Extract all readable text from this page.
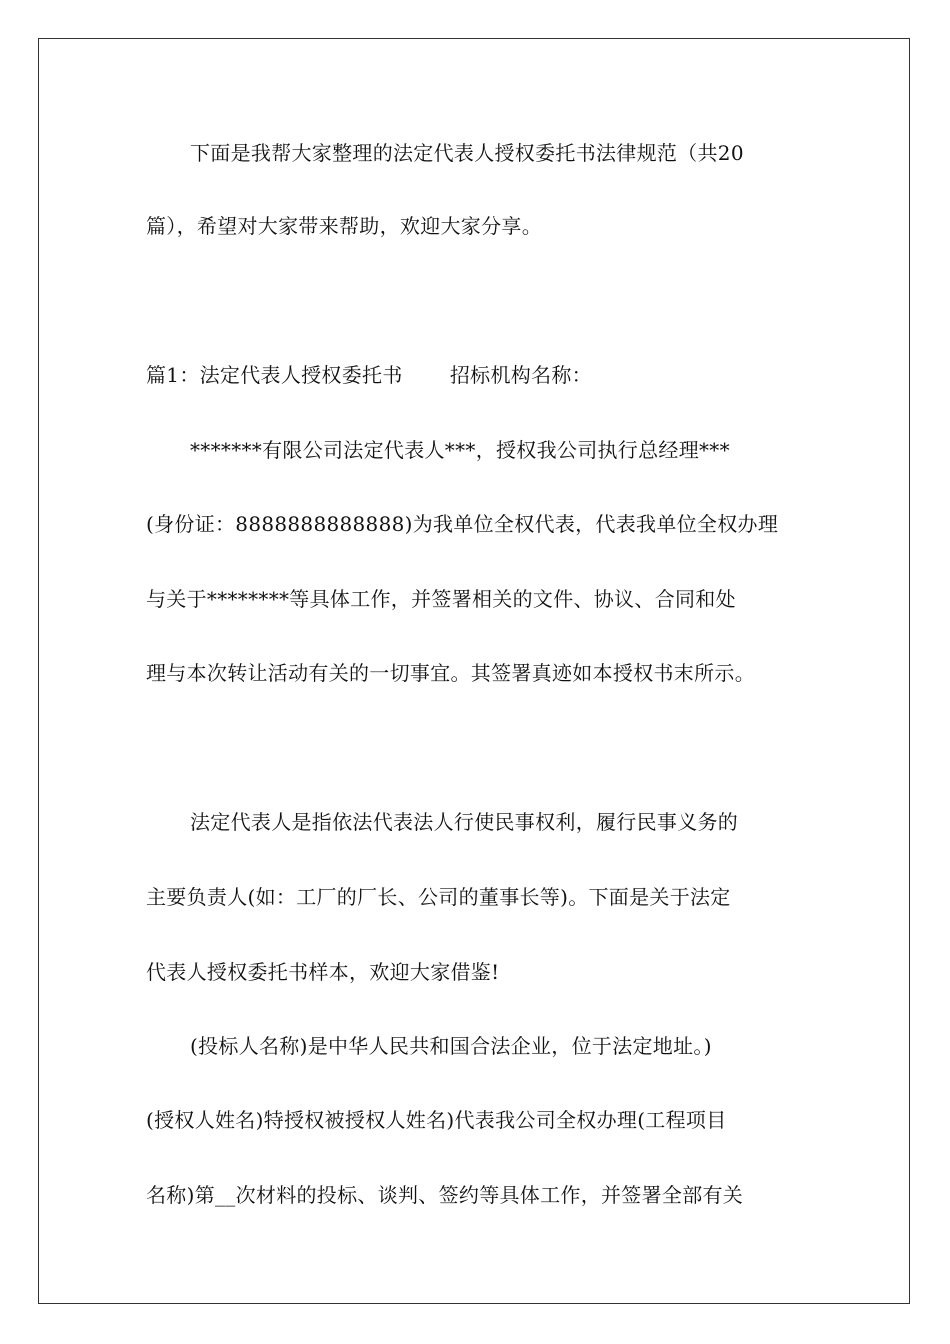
下面是我帮大家整理的法定代表人授权委托书法律规范（共20
篇），希望对大家带来帮助，欢迎大家分享。
篇1：法定代表人授权委托书　　 招标机构名称：
*******有限公司法定代表人***，授权我公司执行总经理***
(身份证：8888888888888)为我单位全权代表，代表我单位全权办理
与关于********等具体工作，并签署相关的文件、协议、合同和处
理与本次转让活动有关的一切事宜。其签署真迹如本授权书末所示。
法定代表人是指依法代表法人行使民事权利，履行民事义务的
主要负责人(如：工厂的厂长、公司的董事长等)。下面是关于法定
代表人授权委托书样本，欢迎大家借鉴!
(投标人名称)是中华人民共和国合法企业，位于法定地址。)
(授权人姓名)特授权被授权人姓名)代表我公司全权办理(工程项目
名称)第__次材料的投标、谈判、签约等具体工作，并签署全部有关
